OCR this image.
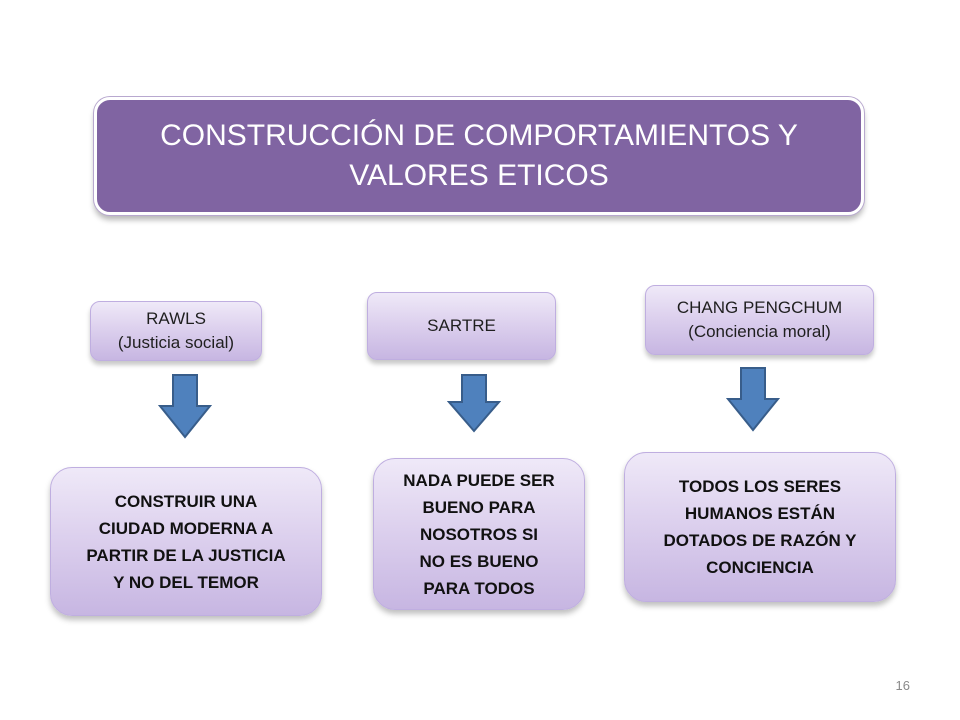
CONSTRUCCIÓN DE COMPORTAMIENTOS Y
VALORES ETICOS
RAWLS
(Justicia social)
CONSTRUIR UNA
CIUDAD MODERNA A
PARTIR DE LA JUSTICIA
Y NO DEL TEMOR
SARTRE
NADA PUEDE SER
BUENO PARA
NOSOTROS SI
NO ES BUENO
PARA TODOS
CHANG PENGCHUM
(Conciencia moral)
TODOS LOS SERES
HUMANOS ESTÁN
DOTADOS DE RAZÓN Y
CONCIENCIA
16
